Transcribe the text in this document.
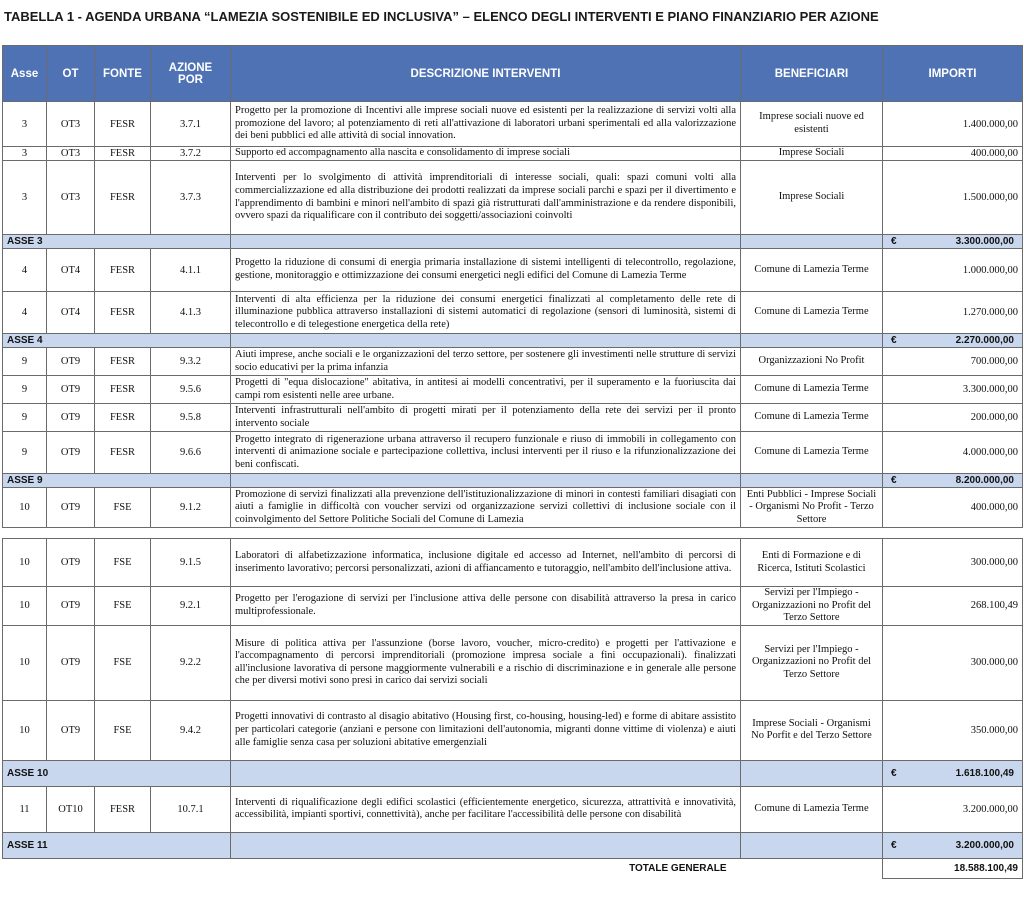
TABELLA 1 - AGENDA URBANA “LAMEZIA SOSTENIBILE ED INCLUSIVA” – ELENCO DEGLI INTERVENTI E PIANO FINANZIARIO PER AZIONE
Asse	OT	FONTE	AZIONE POR	DESCRIZIONE INTERVENTI	BENEFICIARI	IMPORTI
3	OT3	FESR	3.7.1	Progetto per la promozione di Incentivi alle imprese sociali nuove ed esistenti per la realizzazione di servizi volti alla promozione del lavoro; al potenziamento di reti all'attivazione di laboratori urbani sperimentali ed alla valorizzazione dei beni pubblici ed alle attività di social innovation.	Imprese sociali nuove ed esistenti	1.400.000,00
3	OT3	FESR	3.7.2	Supporto ed accompagnamento alla nascita e consolidamento di imprese sociali	Imprese Sociali	400.000,00
3	OT3	FESR	3.7.3	Interventi per lo svolgimento di attività imprenditoriali di interesse sociali, quali: spazi comuni volti alla commercializzazione ed alla distribuzione dei prodotti realizzati da imprese sociali parchi e spazi per il divertimento e l'apprendimento di bambini e minori nell'ambito di spazi già ristrutturati dall'amministrazione e da rendere disponibili, ovvero spazi da riqualificare con il contributo dei soggetti/associazioni coinvolti	Imprese Sociali	1.500.000,00
ASSE 3						€ 3.300.000,00

4	OT4	FESR	4.1.1	Progetto la riduzione di consumi di energia primaria installazione di sistemi intelligenti di telecontrollo, regolazione, gestione, monitoraggio e ottimizzazione dei consumi energetici negli edifici del Comune di Lamezia Terme	Comune di Lamezia Terme	1.000.000,00
4	OT4	FESR	4.1.3	Interventi di alta efficienza per la riduzione dei consumi energetici finalizzati al completamento delle rete di illuminazione pubblica attraverso installazioni di sistemi automatici di regolazione (sensori di luminosità, sistemi di telecontrollo e di telegestione energetica della rete)	Comune di Lamezia Terme	1.270.000,00
ASSE 4						€ 2.270.000,00

9	OT9	FESR	9.3.2	Aiuti imprese, anche sociali e le organizzazioni del terzo settore, per sostenere gli investimenti nelle strutture di servizi socio educativi per la prima infanzia	Organizzazioni No Profit	700.000,00
9	OT9	FESR	9.5.6	Progetti di "equa dislocazione" abitativa, in antitesi ai modelli concentrativi, per il superamento e la fuoriuscita dai campi rom esistenti nelle aree urbane.	Comune di Lamezia Terme	3.300.000,00
9	OT9	FESR	9.5.8	Interventi infrastrutturali nell'ambito di progetti mirati per il potenziamento della rete dei servizi per il pronto intervento sociale	Comune di Lamezia Terme	200.000,00
9	OT9	FESR	9.6.6	Progetto integrato di rigenerazione urbana attraverso il recupero funzionale e riuso di immobili in collegamento con interventi di animazione sociale e partecipazione collettiva, inclusi interventi per il riuso e la rifunzionalizzazione dei beni confiscati.	Comune di Lamezia Terme	4.000.000,00
ASSE 9						€ 8.200.000,00

10	OT9	FSE	9.1.2	Promozione di servizi finalizzati alla prevenzione dell'istituzionalizzazione di minori in contesti familiari disagiati con aiuti a famiglie in difficoltà con voucher servizi od organizzazione servizi collettivi di inclusione sociale con il coinvolgimento del Settore Politiche Sociali del Comune di Lamezia	Enti Pubblici - Imprese Sociali - Organismi No Profit - Terzo Settore	400.000,00

10	OT9	FSE	9.1.5	Laboratori di alfabetizzazione informatica, inclusione digitale ed accesso ad Internet, nell'ambito di percorsi di inserimento lavorativo; percorsi personalizzati, azioni di affiancamento e tutoraggio, nell'ambito dell'inclusione attiva.	Enti di Formazione e di Ricerca, Istituti Scolastici	300.000,00
10	OT9	FSE	9.2.1	Progetto per l'erogazione di servizi per l'inclusione attiva delle persone con disabilità attraverso la presa in carico multiprofessionale.	Servizi per l'Impiego - Organizzazioni no Profit del Terzo Settore	268.100,49
10	OT9	FSE	9.2.2	Misure di politica attiva per l'assunzione (borse lavoro, voucher, micro-credito) e progetti per l'attivazione e l'accompagnamento di percorsi imprenditoriali (promozione impresa sociale a fini occupazionali). finalizzati all'inclusione lavorativa di persone maggiormente vulnerabili e a rischio di discriminazione e in generale alle persone che per diversi motivi sono presi in carico dai servizi sociali	Servizi per l'Impiego - Organizzazioni no Profit del Terzo Settore	300.000,00
10	OT9	FSE	9.4.2	Progetti innovativi di contrasto al disagio abitativo (Housing first, co-housing, housing-led) e forme di abitare assistito per particolari categorie (anziani e persone con limitazioni dell'autonomia, migranti donne vittime di violenza) e aiuti alle famiglie senza casa per soluzioni abitative emergenziali	Imprese Sociali - Organismi No Porfit e del Terzo Settore	350.000,00
ASSE 10						€ 1.618.100,49

11	OT10	FESR	10.7.1	Interventi di riqualificazione degli edifici scolastici (efficientemente energetico, sicurezza, attrattività e innovatività, accessibilità, impianti sportivi, connettività), anche per facilitare l'accessibilità delle persone con disabilità	Comune di Lamezia Terme	3.200.000,00
ASSE 11						€ 3.200.000,00

				TOTALE GENERALE		18.588.100,49
